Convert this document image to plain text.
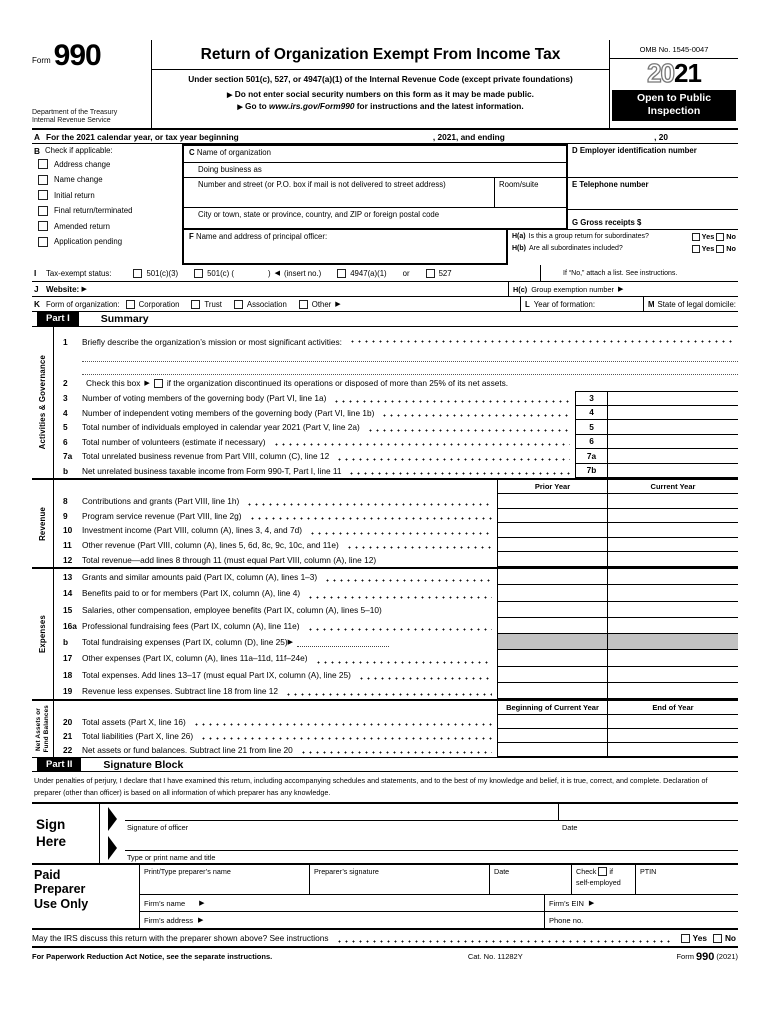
Form 990
Department of the Treasury
Internal Revenue Service
Return of Organization Exempt From Income Tax
Under section 501(c), 527, or 4947(a)(1) of the Internal Revenue Code (except private foundations)
▶ Do not enter social security numbers on this form as it may be made public.
▶ Go to www.irs.gov/Form990 for instructions and the latest information.
OMB No. 1545-0047
2021
Open to Public
Inspection
A For the 2021 calendar year, or tax year beginning	, 2021, and ending	, 20
B Check if applicable:
Address change
Name change
Initial return
Final return/terminated
Amended return
Application pending
C Name of organization
Doing business as
Number and street (or P.O. box if mail is not delivered to street address)	Room/suite
City or town, state or province, country, and ZIP or foreign postal code
D Employer identification number
E Telephone number
G
Gross receipts $
F Name and address of principal officer:	H(a) Is this a group return for subordinates?	Yes No
H(b) Are all subordinates included?	Yes No
I	Tax-exempt status:	501(c)(3)	501(c) (	) ◀ (insert no.)	4947(a)(1) or	527	If “No,” attach a list. See instructions.
J Website:
▶	H(c) Group exemption number ▶
K Form of organization: Corporation	Trust	Association	Other ▶	L Year of formation:	M State of legal domicile:
Part I	Summary
Activities & Governance
1	Briefly describe the organization’s mission or most significant activities:
2	Check this box ▶ if the organization discontinued its operations or disposed of more than 25% of its net assets.
3	Number of voting members of the governing body (Part VI, line 1a)	3
4	Number of independent voting members of the governing body (Part VI, line 1b)	4
5	Total number of individuals employed in calendar year 2021 (Part V, line 2a)	5
6	Total number of volunteers (estimate if necessary)	6
7a	Total unrelated business revenue from Part VIII, column (C), line 12	7a
b	Net unrelated business taxable income from Form 990-T, Part I, line 11	7b
Revenue
Prior Year	Current Year
8	Contributions and grants (Part VIII, line 1h)
9	Program service revenue (Part VIII, line 2g)
10	Investment income (Part VIII, column (A), lines 3, 4, and 7d)
11	Other revenue (Part VIII, column (A), lines 5, 6d, 8c, 9c, 10c, and 11e)
12	Total revenue—add lines 8 through 11 (must equal Part VIII, column (A), line 12)
Expenses
13	Grants and similar amounts paid (Part IX, column (A), lines 1–3)
14	Benefits paid to or for members (Part IX, column (A), line 4)
15	Salaries, other compensation, employee benefits (Part IX, column (A), lines 5–10)
16a Professional fundraising fees (Part IX, column (A), line 11e)
b	Total fundraising expenses (Part IX, column (D), line 25) ▶
17	Other expenses (Part IX, column (A), lines 11a–11d, 11f–24e)
18	Total expenses. Add lines 13–17 (must equal Part IX, column (A), line 25)
19	Revenue less expenses. Subtract line 18 from line 12
Net Assets or Fund Balances	Beginning of Current Year	End of Year
20	Total assets (Part X, line 16)
21	Total liabilities (Part X, line 26)
22	Net assets or fund balances. Subtract line 21 from line 20
Part II	Signature Block
Under penalties of perjury, I declare that I have examined this return, including accompanying schedules and statements, and to the best of my knowledge and belief, it is true, correct, and complete. Declaration of preparer (other than officer) is based on all information of which preparer has any knowledge.
Sign
Here
Signature of officer	Date
Type or print name and title
Paid
Preparer
Use Only
Print/Type preparer’s name	Preparer’s signature	Date	Check if
self-employed
PTIN
Firm’s name ▶	Firm’s EIN ▶
Firm’s address ▶	Phone no.
May the IRS discuss this return with the preparer shown above? See instructions	Yes No
For Paperwork Reduction Act Notice, see the separate instructions.	Cat. No. 11282Y	Form 990 (2021)
